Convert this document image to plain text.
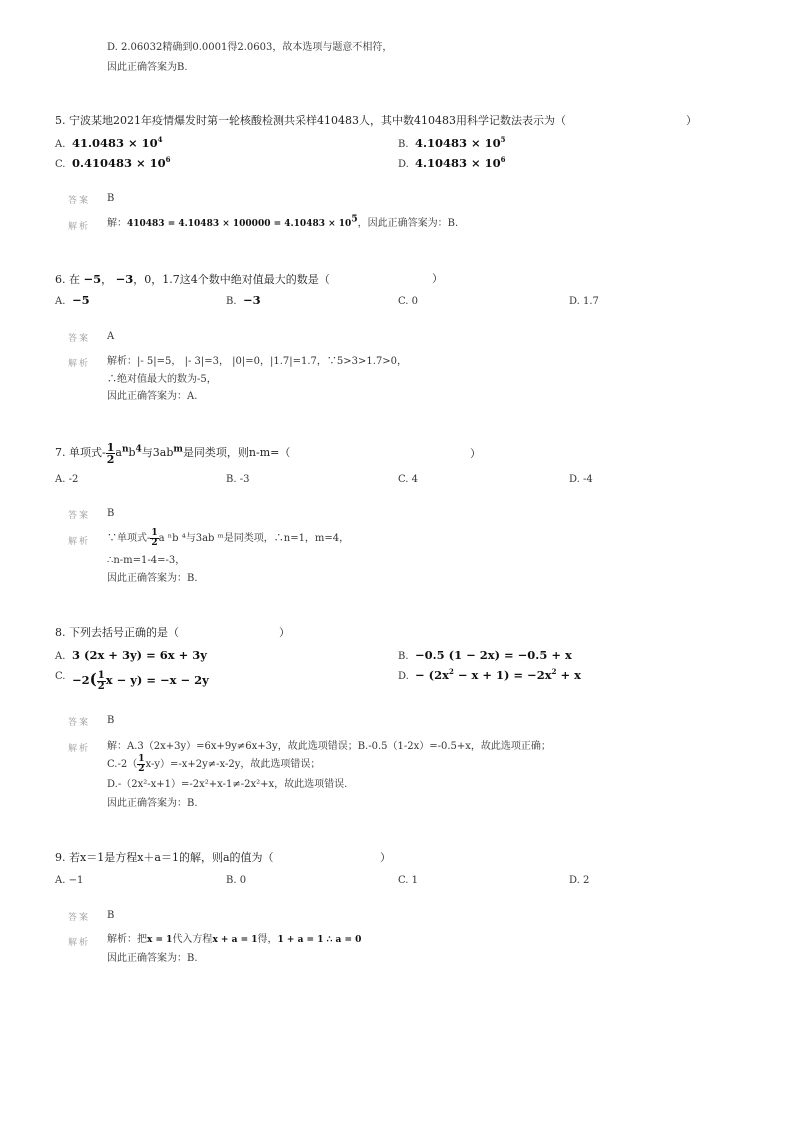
D. 2.06032精确到0.0001得2.0603，故本选项与题意不相符，
因此正确答案为B.
5. 宁波某地2021年疫情爆发时第一轮核酸检测共采样410483人，其中数410483用科学记数法表示为（	）
A. $41.0483 \times 10^4$	B. $4.10483 \times 10^5$
C. $0.410483 \times 10^6$	D. $4.10483 \times 10^6$
答案 B
解析 解：$410483 = 4.10483 \times 100000 = 4.10483 \times 10^5$，因此正确答案为：B.
6. 在 −5， −3，0，1.7这4个数中绝对值最大的数是（	）
A. −5	B. −3	C. 0	D. 1.7
答案 A
解析 解析：|- 5|=5， |- 3|=3， |0|=0，|1.7|=1.7，∵5>3>1.7>0，
∴绝对值最大的数为-5，
因此正确答案为：A.
7. 单项式- $\frac{1}{2} a^nb^4$与$3ab^m$是同类项，则n-m=（	）
A. -2	B. -3	C. 4	D. -4
答案 B
解析 ∵单项式- $\frac{1}{2}$ a ⁿb ⁴与3ab ᵐ是同类项，∴n=1，m=4，
∴n-m=1-4=-3，
因此正确答案为：B.
8. 下列去括号正确的是（	）
A. 3 (2x + 3y) = 6x + 3y	B. −0.5 (1 − 2x) = −0.5 + x
C. $-2( \frac{1}{2}$ x − y) = −x − 2y	D. − $(2x^2 - x + 1) = -2x^2 + x$
答案 B
解析 解：A.3（2x+3y）=6x+9y≠6x+3y，故此选项错误；B.-0.5（1-2x）=-0.5+x，故此选项正确；
$C.-2( \frac{1}{2} x-y)=-x+2y\ne-x-2y$，故此选项错误；
D.-（2x²-x+1）=-2x²+x-1≠-2x²+x，故此选项错误.
因此正确答案为：B.
9. 若x＝1是方程x＋a＝1的解，则a的值为（	）
A. −1	B. 0	C. 1	D. 2
答案 B
解析 解析：把x = 1代入方程x + a = 1得，1 + a = 1 ∴ a = 0
因此正确答案为：B.
